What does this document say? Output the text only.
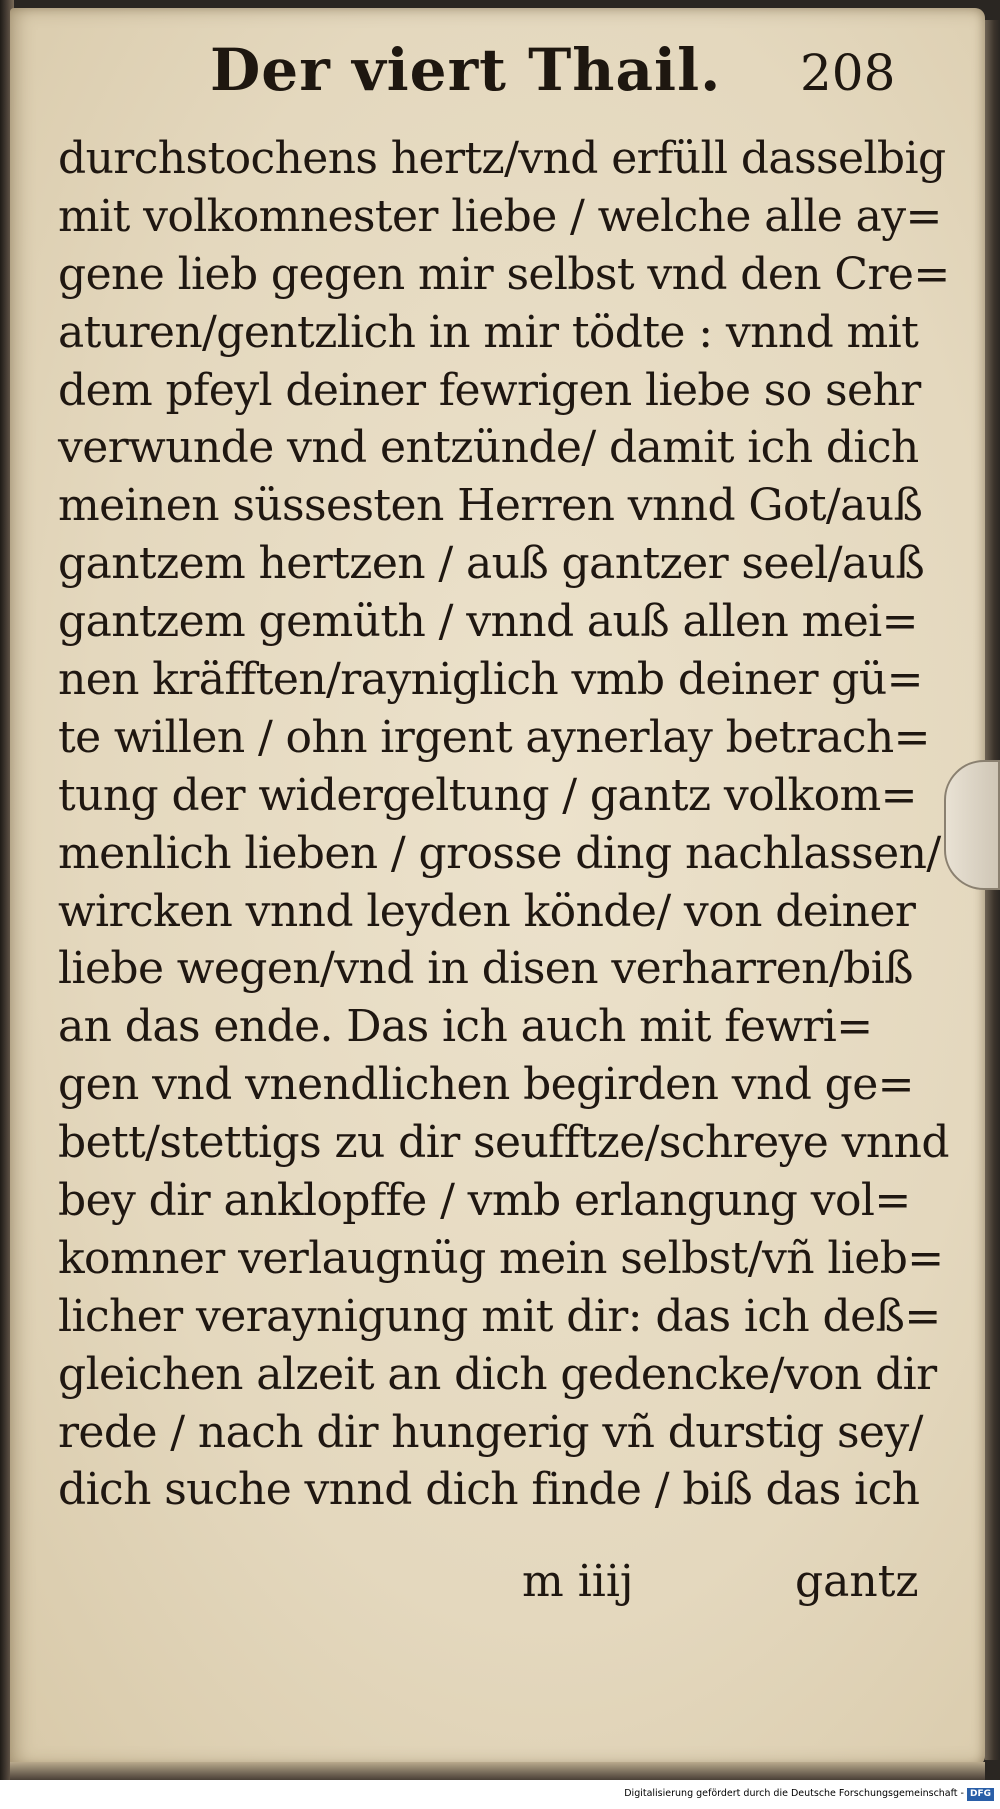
Der viert Thail. 208
durchstochens hertz/vnd erfüll dasselbig
mit volkomnester liebe / welche alle ay=
gene lieb gegen mir selbst vnd den Cre=
aturen/gentzlich in mir tödte : vnnd mit
dem pfeyl deiner fewrigen liebe so sehr
verwunde vnd entzünde/ damit ich dich
meinen süssesten Herren vnnd Got/auß
gantzem hertzen / auß gantzer seel/auß
gantzem gemüth / vnnd auß allen mei=
nen kräfften/rayniglich vmb deiner gü=
te willen / ohn irgent aynerlay betrach=
tung der widergeltung / gantz volkom=
menlich lieben / grosse ding nachlassen/
wircken vnnd leyden könde/ von deiner
liebe wegen/vnd in disen verharren/biß
an das ende. Das ich auch mit fewri=
gen vnd vnendlichen begirden vnd ge=
bett/stettigs zu dir seufftze/schreye vnnd
bey dir anklopffe / vmb erlangung vol=
komner verlaugnüg mein selbst/vñ lieb=
licher veraynigung mit dir: das ich deß=
gleichen alzeit an dich gedencke/von dir
rede / nach dir hungerig vñ durstig sey/
dich suche vnnd dich finde / biß das ich
m iiij	gantz
Digitalisierung gefördert durch die Deutsche Forschungsgemeinschaft - DFG
